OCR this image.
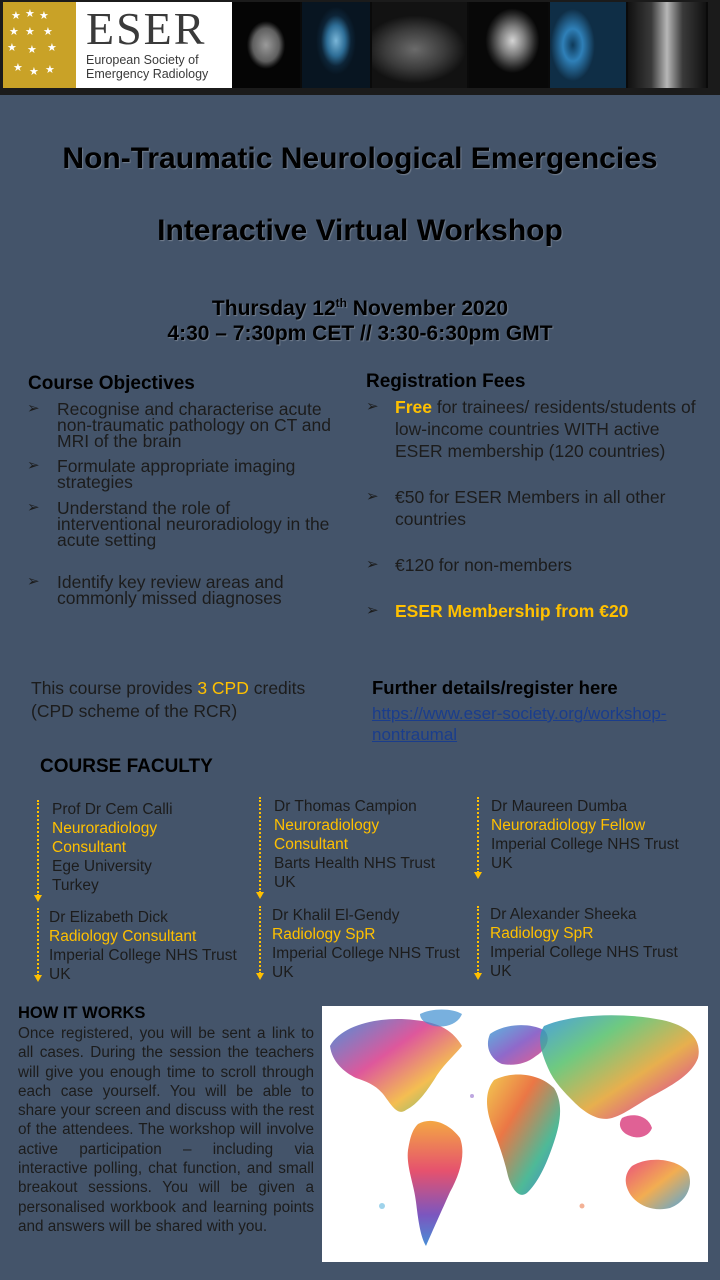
★ ★ ★
★ ★ ★
★ ★ ★
★ ★ ★
ESER
European Society of
Emergency Radiology
Non-Traumatic Neurological Emergencies
Interactive Virtual Workshop
Thursday 12th November 2020
4:30 – 7:30pm CET // 3:30-6:30pm GMT
Course Objectives
➢ Recognise and characterise acute non-traumatic pathology on CT and MRI of the brain
➢ Formulate appropriate imaging strategies
➢ Understand the role of interventional neuroradiology in the acute setting
➢ Identify key review areas and commonly missed diagnoses
Registration Fees
➢ Free for trainees/ residents/students of low-income countries WITH active ESER membership (120 countries)
➢ €50 for ESER Members in all other countries
➢ €120 for non-members
➢ ESER Membership from €20
This course provides 3 CPD credits (CPD scheme of the RCR)
Further details/register here
https://www.eser-society.org/workshop-nontraumal
COURSE FACULTY
Prof Dr Cem Calli
Neuroradiology Consultant
Ege University
Turkey
Dr Thomas Campion
Neuroradiology Consultant
Barts Health NHS Trust
UK
Dr Maureen Dumba
Neuroradiology Fellow
Imperial College NHS Trust
UK
Dr Elizabeth Dick
Radiology Consultant
Imperial College NHS Trust
UK
Dr Khalil El-Gendy
Radiology SpR
Imperial College NHS Trust
UK
Dr Alexander Sheeka
Radiology SpR
Imperial College NHS Trust
UK
HOW IT WORKS
Once registered, you will be sent a link to all cases. During the session the teachers will give you enough time to scroll through each case yourself. You will be able to share your screen and discuss with the rest of the attendees. The workshop will involve active participation – including via interactive polling, chat function, and small breakout sessions. You will be given a personalised workbook and learning points and answers will be shared with you.
